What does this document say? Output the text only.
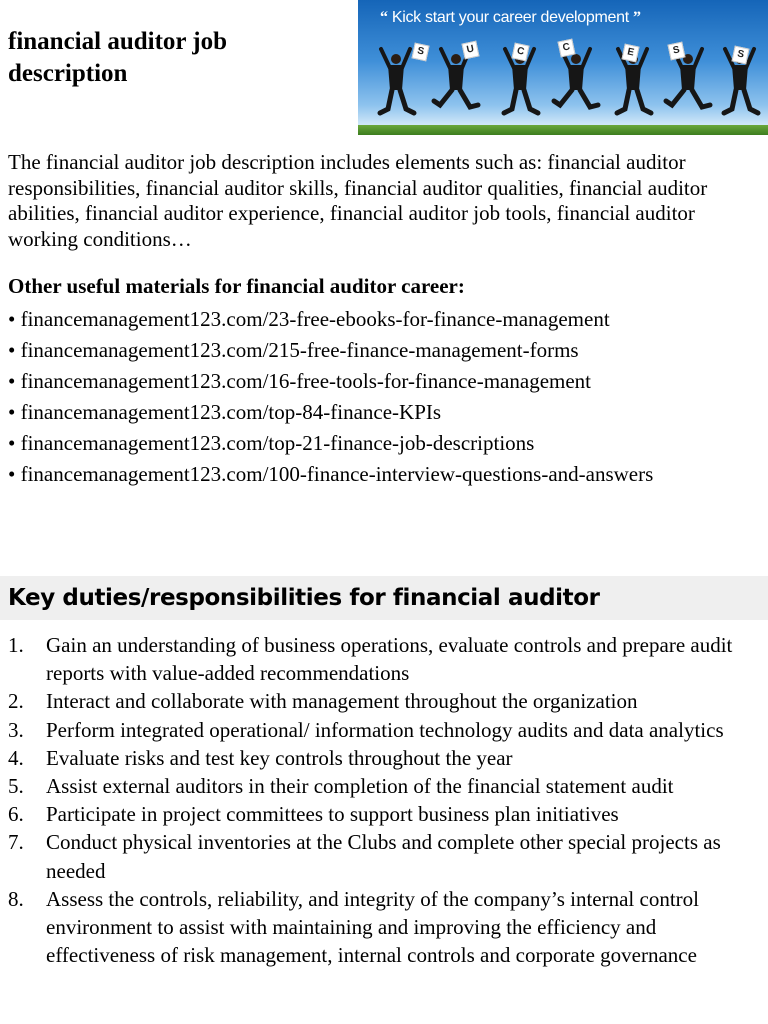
financial auditor job description
“ Kick start your career development ”
S	U	C	C	E	S	S

The financial auditor job description includes elements such as: financial auditor responsibilities, financial auditor skills, financial auditor qualities, financial auditor abilities, financial auditor experience, financial auditor job tools, financial auditor working conditions…

Other useful materials for financial auditor career:
• financemanagement123.com/23-free-ebooks-for-finance-management
• financemanagement123.com/215-free-finance-management-forms
• financemanagement123.com/16-free-tools-for-finance-management
• financemanagement123.com/top-84-finance-KPIs
• financemanagement123.com/top-21-finance-job-descriptions
• financemanagement123.com/100-finance-interview-questions-and-answers
Key duties/responsibilities for financial auditor
1. Gain an understanding of business operations, evaluate controls and prepare audit reports with value-added recommendations
2. Interact and collaborate with management throughout the organization
3. Perform integrated operational/ information technology audits and data analytics
4. Evaluate risks and test key controls throughout the year
5. Assist external auditors in their completion of the financial statement audit
6. Participate in project committees to support business plan initiatives
7. Conduct physical inventories at the Clubs and complete other special projects as needed
8. Assess the controls, reliability, and integrity of the company’s internal control environment to assist with maintaining and improving the efficiency and effectiveness of risk management, internal controls and corporate governance
